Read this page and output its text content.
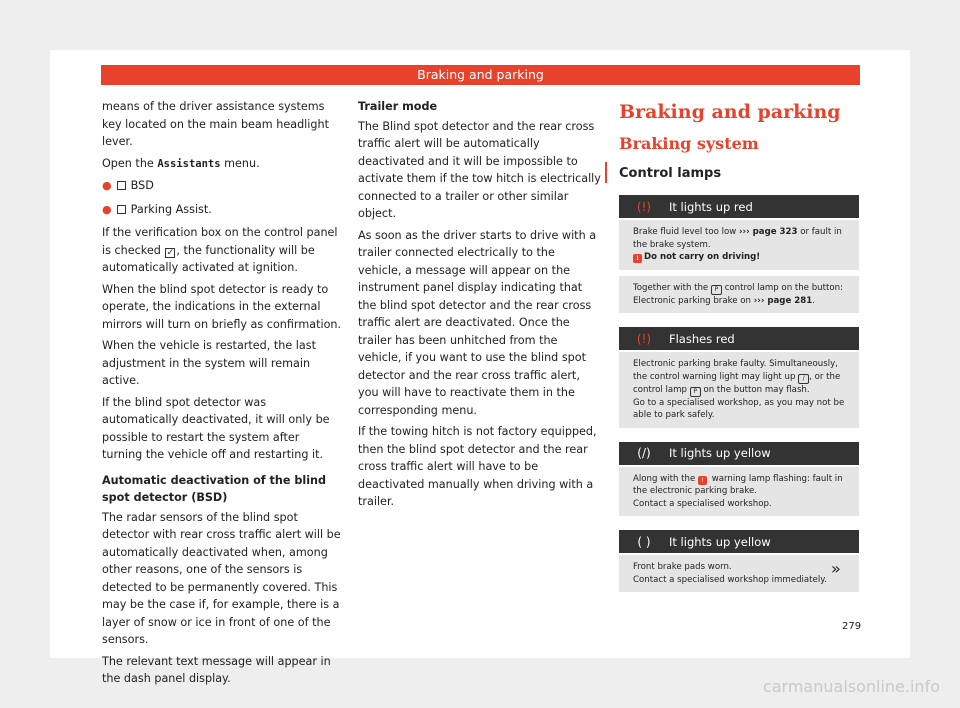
Braking and parking

means of the driver assistance systems key located on the main beam headlight lever.

Open the Assistants menu.

● BSD
● Parking Assist.

If the verification box on the control panel is checked ✓ , the functionality will be automatically activated at ignition.

When the blind spot detector is ready to operate, the indications in the external mirrors will turn on briefly as confirmation.

When the vehicle is restarted, the last adjustment in the system will remain active.

If the blind spot detector was automatically deactivated, it will only be possible to restart the system after turning the vehicle off and restarting it.

Automatic deactivation of the blind spot detector (BSD)

The radar sensors of the blind spot detector with rear cross traffic alert will be automatically deactivated when, among other reasons, one of the sensors is detected to be permanently covered. This may be the case if, for example, there is a layer of snow or ice in front of one of the sensors.

The relevant text message will appear in the dash panel display.

Trailer mode

The Blind spot detector and the rear cross traffic alert will be automatically deactivated and it will be impossible to activate them if the tow hitch is electrically connected to a trailer or other similar object.

As soon as the driver starts to drive with a trailer connected electrically to the vehicle, a message will appear on the instrument panel display indicating that the blind spot detector and the rear cross traffic alert are deactivated. Once the trailer has been unhitched from the vehicle, if you want to use the blind spot detector and the rear cross traffic alert, you will have to reactivate them in the corresponding menu.

If the towing hitch is not factory equipped, then the blind spot detector and the rear cross traffic alert will have to be deactivated manually when driving with a trailer.

Braking and parking
Braking system
Control lamps
(!)	It lights up red
Brake fluid level too low ››› page 323 or fault in the brake system.
! Do not carry on driving!
Together with the P control lamp on the button: Electronic parking brake on ››› page 281.
(!)	Flashes red
Electronic parking brake faulty. Simultaneously, the control warning light may light up / , or the control lamp P on the button may flash.
Go to a specialised workshop, as you may not be able to park safely.
(/)	It lights up yellow
Along with the ! warning lamp flashing: fault in the electronic parking brake.
Contact a specialised workshop.
( )	It lights up yellow
Front brake pads worn.
Contact a specialised workshop immediately.
»
279
carmanualsonline.info
